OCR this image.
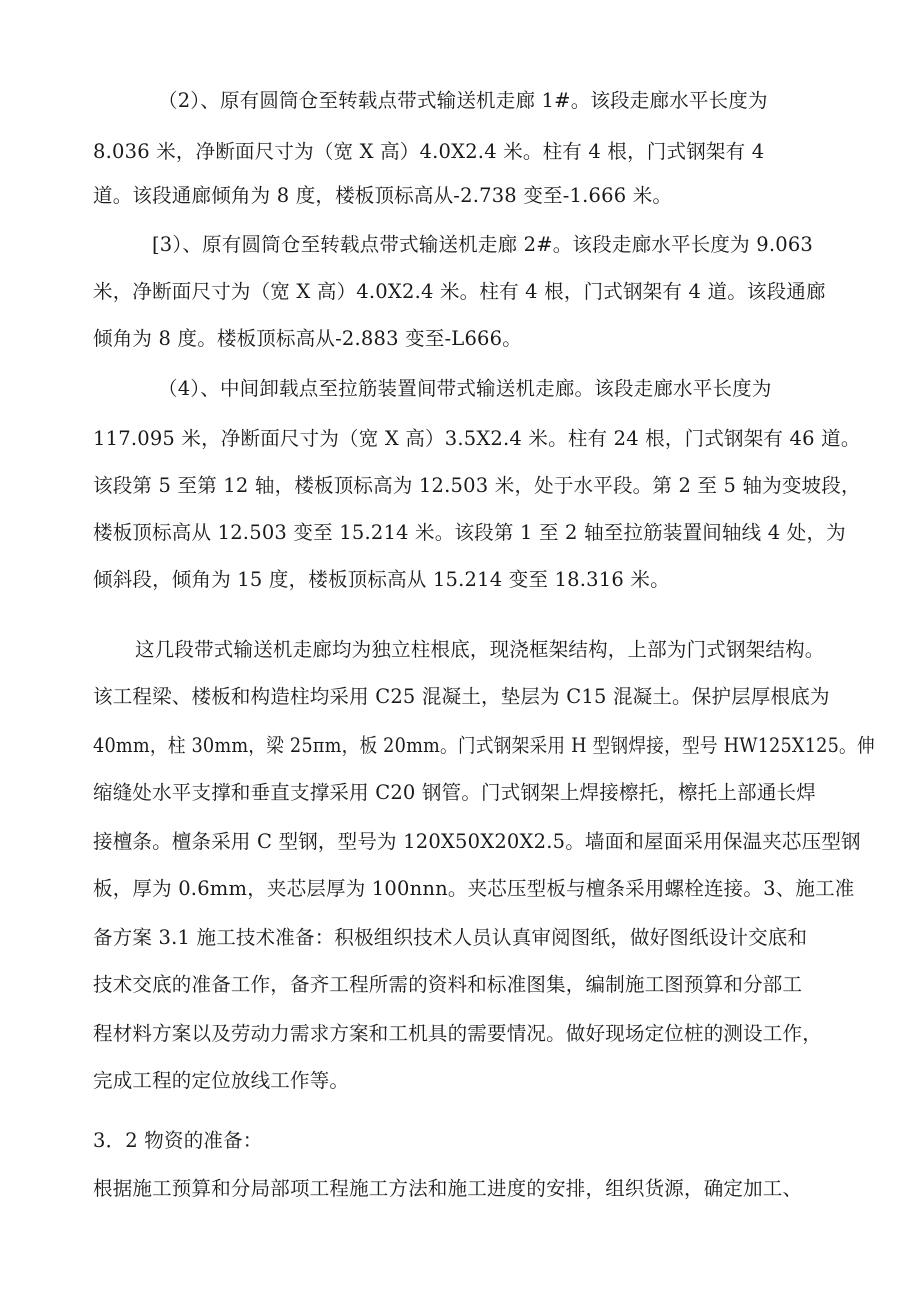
（2）、原有圆筒仓至转载点带式输送机走廊 1#。该段走廊水平长度为
8.036 米，净断面尺寸为（宽 X 高）4.0X2.4 米。柱有 4 根，门式钢架有 4
道。该段通廊倾角为 8 度，楼板顶标高从-2.738 变至-1.666 米。
[3）、原有圆筒仓至转载点带式输送机走廊 2#。该段走廊水平长度为 9.063
米，净断面尺寸为（宽 X 高）4.0X2.4 米。柱有 4 根，门式钢架有 4 道。该段通廊
倾角为 8 度。楼板顶标高从-2.883 变至-L666。
（4）、中间卸载点至拉筋装置间带式输送机走廊。该段走廊水平长度为
117.095 米，净断面尺寸为（宽 X 高）3.5X2.4 米。柱有 24 根，门式钢架有 46 道。
该段第 5 至第 12 轴，楼板顶标高为 12.503 米，处于水平段。第 2 至 5 轴为变坡段，
楼板顶标高从 12.503 变至 15.214 米。该段第 1 至 2 轴至拉筋装置间轴线 4 处，为
倾斜段，倾角为 15 度，楼板顶标高从 15.214 变至 18.316 米。
这几段带式输送机走廊均为独立柱根底，现浇框架结构，上部为门式钢架结构。
该工程梁、楼板和构造柱均采用 C25 混凝土，垫层为 C15 混凝土。保护层厚根底为
40mm，柱 30mm，梁 25πm，板 20mm。门式钢架采用 H 型钢焊接，型号 HW125X125。伸
缩缝处水平支撑和垂直支撑采用 C20 钢管。门式钢架上焊接檫托，檫托上部通长焊
接檀条。檀条采用 C 型钢，型号为 120X50X20X2.5。墙面和屋面采用保温夹芯压型钢
板，厚为 0.6mm，夹芯层厚为 100nnn。夹芯压型板与檀条采用螺栓连接。3、施工准
备方案 3.1 施工技术准备：积极组织技术人员认真审阅图纸，做好图纸设计交底和
技术交底的准备工作，备齐工程所需的资料和标准图集，编制施工图预算和分部工
程材料方案以及劳动力需求方案和工机具的需要情况。做好现场定位桩的测设工作，
完成工程的定位放线工作等。
3．2 物资的准备：
根据施工预算和分局部项工程施工方法和施工进度的安排，组织货源，确定加工、
